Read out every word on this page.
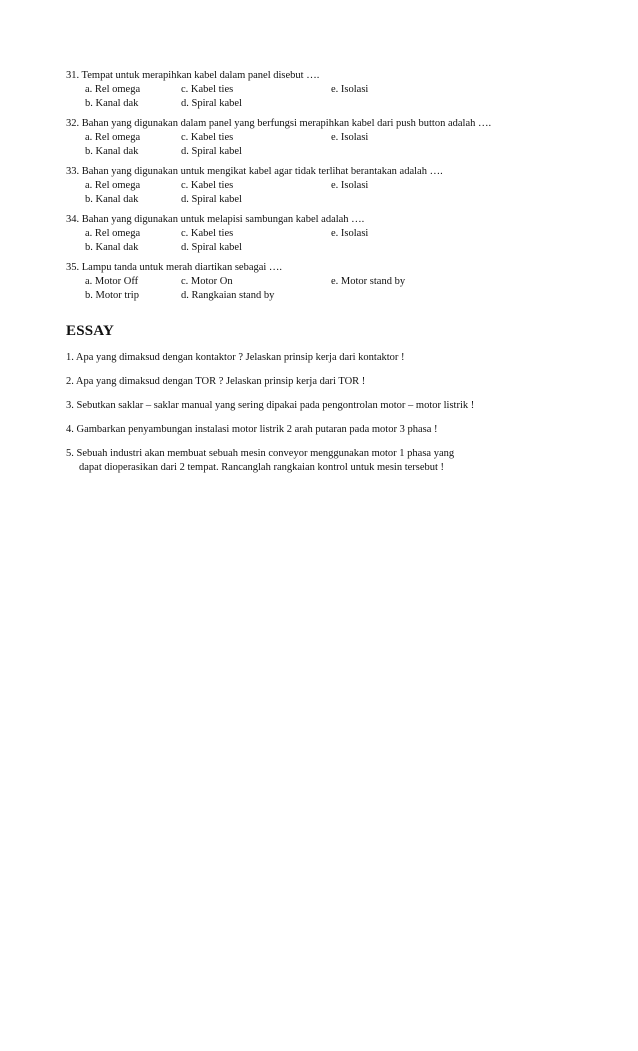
31. Tempat untuk merapihkan kabel dalam panel disebut ….
a. Rel omega	c. Kabel ties	e. Isolasi
b. Kanal dak	d. Spiral kabel
32. Bahan yang digunakan dalam panel yang berfungsi merapihkan kabel dari push button adalah ….
a. Rel omega	c. Kabel ties	e. Isolasi
b. Kanal dak	d. Spiral kabel
33. Bahan yang digunakan untuk mengikat kabel agar tidak terlihat berantakan adalah ….
a. Rel omega	c. Kabel ties	e. Isolasi
b. Kanal dak	d. Spiral kabel
34. Bahan yang digunakan untuk melapisi sambungan kabel adalah ….
a. Rel omega	c. Kabel ties	e. Isolasi
b. Kanal dak	d. Spiral kabel
35. Lampu tanda untuk merah diartikan sebagai ….
a. Motor Off	c. Motor On	e. Motor stand by
b. Motor trip	d. Rangkaian stand by
ESSAY
1. Apa yang dimaksud dengan kontaktor ? Jelaskan prinsip kerja dari kontaktor !
2. Apa yang dimaksud dengan TOR ? Jelaskan prinsip kerja dari TOR !
3. Sebutkan saklar – saklar manual yang sering dipakai pada pengontrolan motor – motor listrik !
4. Gambarkan penyambungan instalasi motor listrik 2 arah putaran pada motor 3 phasa !
5. Sebuah industri akan membuat sebuah mesin conveyor menggunakan motor 1 phasa yang
dapat dioperasikan dari 2 tempat. Rancanglah rangkaian kontrol untuk mesin tersebut !
